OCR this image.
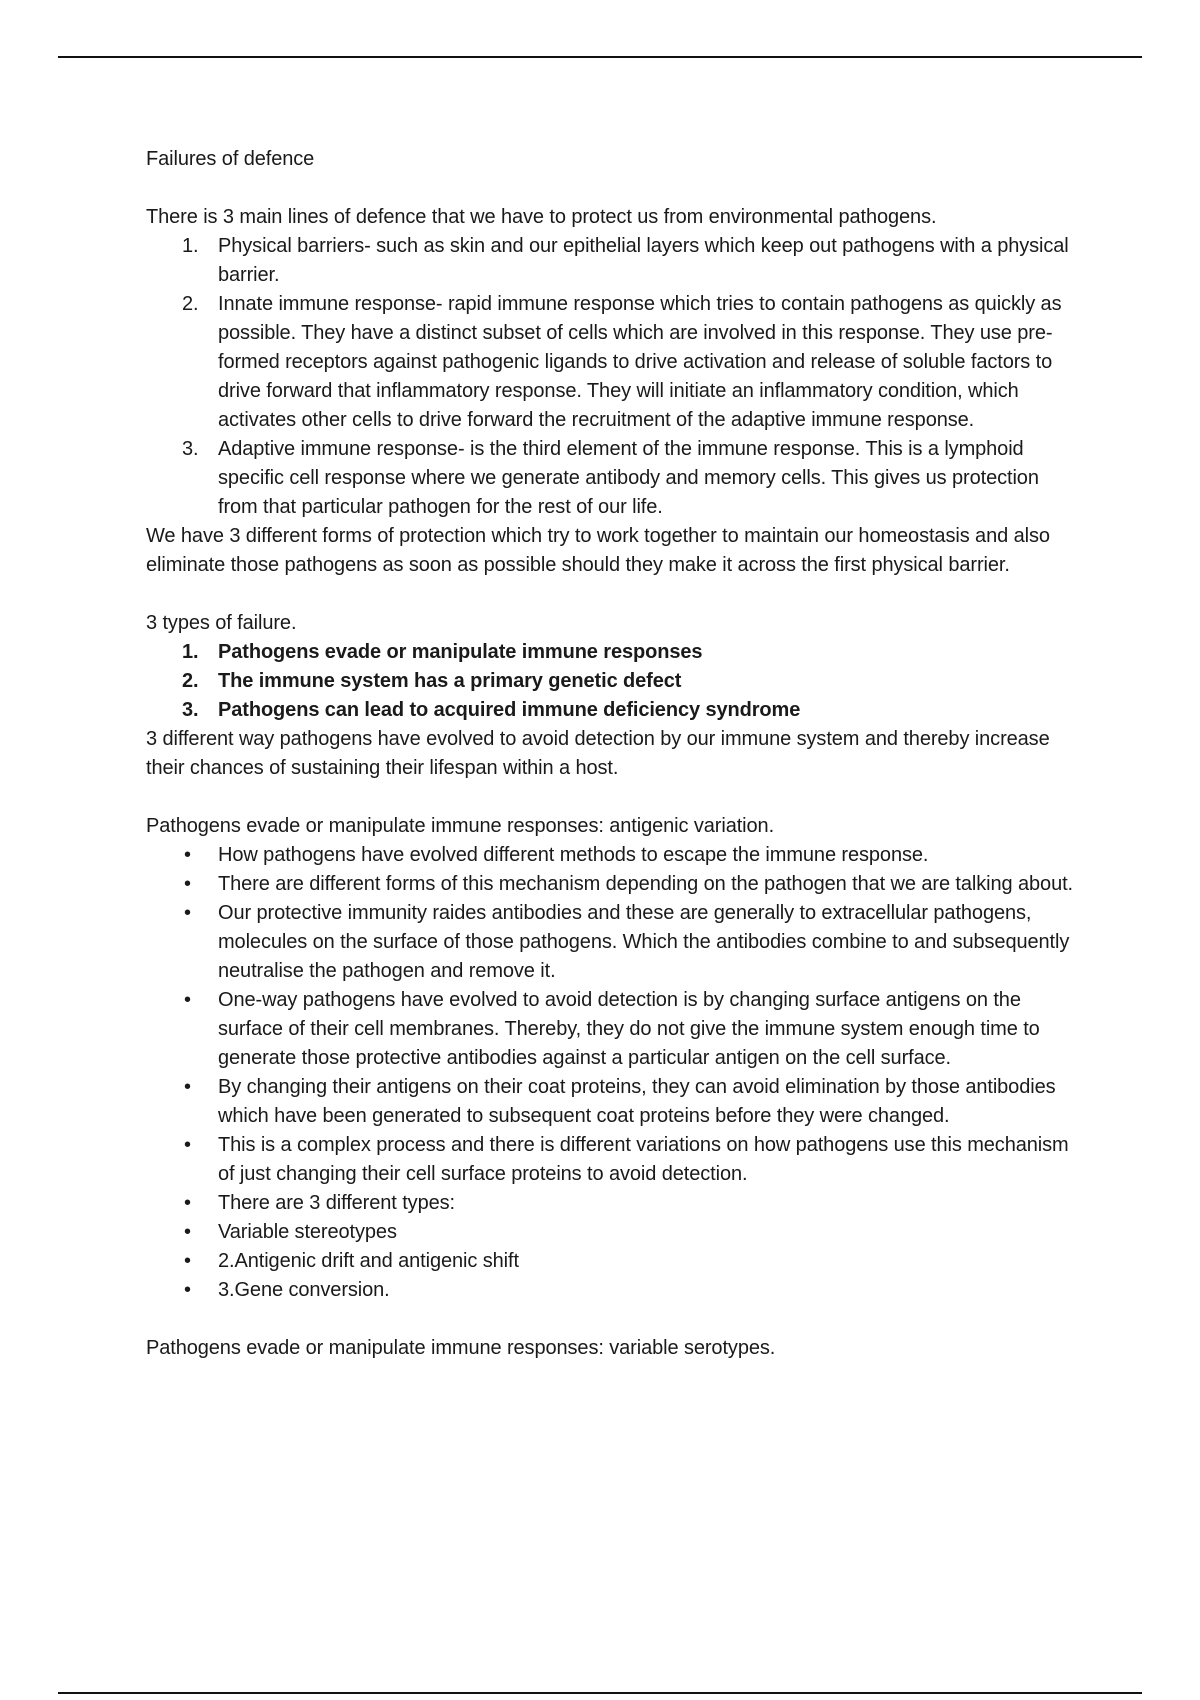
Failures of defence

There is 3 main lines of defence that we have to protect us from environmental pathogens.

1. Physical barriers- such as skin and our epithelial layers which keep out pathogens with a physical barrier.
2. Innate immune response- rapid immune response which tries to contain pathogens as quickly as possible. They have a distinct subset of cells which are involved in this response. They use pre-formed receptors against pathogenic ligands to drive activation and release of soluble factors to drive forward that inflammatory response. They will initiate an inflammatory condition, which activates other cells to drive forward the recruitment of the adaptive immune response.
3. Adaptive immune response- is the third element of the immune response. This is a lymphoid specific cell response where we generate antibody and memory cells. This gives us protection from that particular pathogen for the rest of our life.

We have 3 different forms of protection which try to work together to maintain our homeostasis and also eliminate those pathogens as soon as possible should they make it across the first physical barrier.

3 types of failure.

1. Pathogens evade or manipulate immune responses
2. The immune system has a primary genetic defect
3. Pathogens can lead to acquired immune deficiency syndrome

3 different way pathogens have evolved to avoid detection by our immune system and thereby increase their chances of sustaining their lifespan within a host.

Pathogens evade or manipulate immune responses: antigenic variation.

•	How pathogens have evolved different methods to escape the immune response.
•	There are different forms of this mechanism depending on the pathogen that we are talking about.
•	Our protective immunity raides antibodies and these are generally to extracellular pathogens, molecules on the surface of those pathogens. Which the antibodies combine to and subsequently neutralise the pathogen and remove it.
•	One-way pathogens have evolved to avoid detection is by changing surface antigens on the surface of their cell membranes. Thereby, they do not give the immune system enough time to generate those protective antibodies against a particular antigen on the cell surface.
•	By changing their antigens on their coat proteins, they can avoid elimination by those antibodies which have been generated to subsequent coat proteins before they were changed.
•	This is a complex process and there is different variations on how pathogens use this mechanism of just changing their cell surface proteins to avoid detection.
•	There are 3 different types:
•	Variable stereotypes
•	2.Antigenic drift and antigenic shift
•	3.Gene conversion.

Pathogens evade or manipulate immune responses: variable serotypes.
